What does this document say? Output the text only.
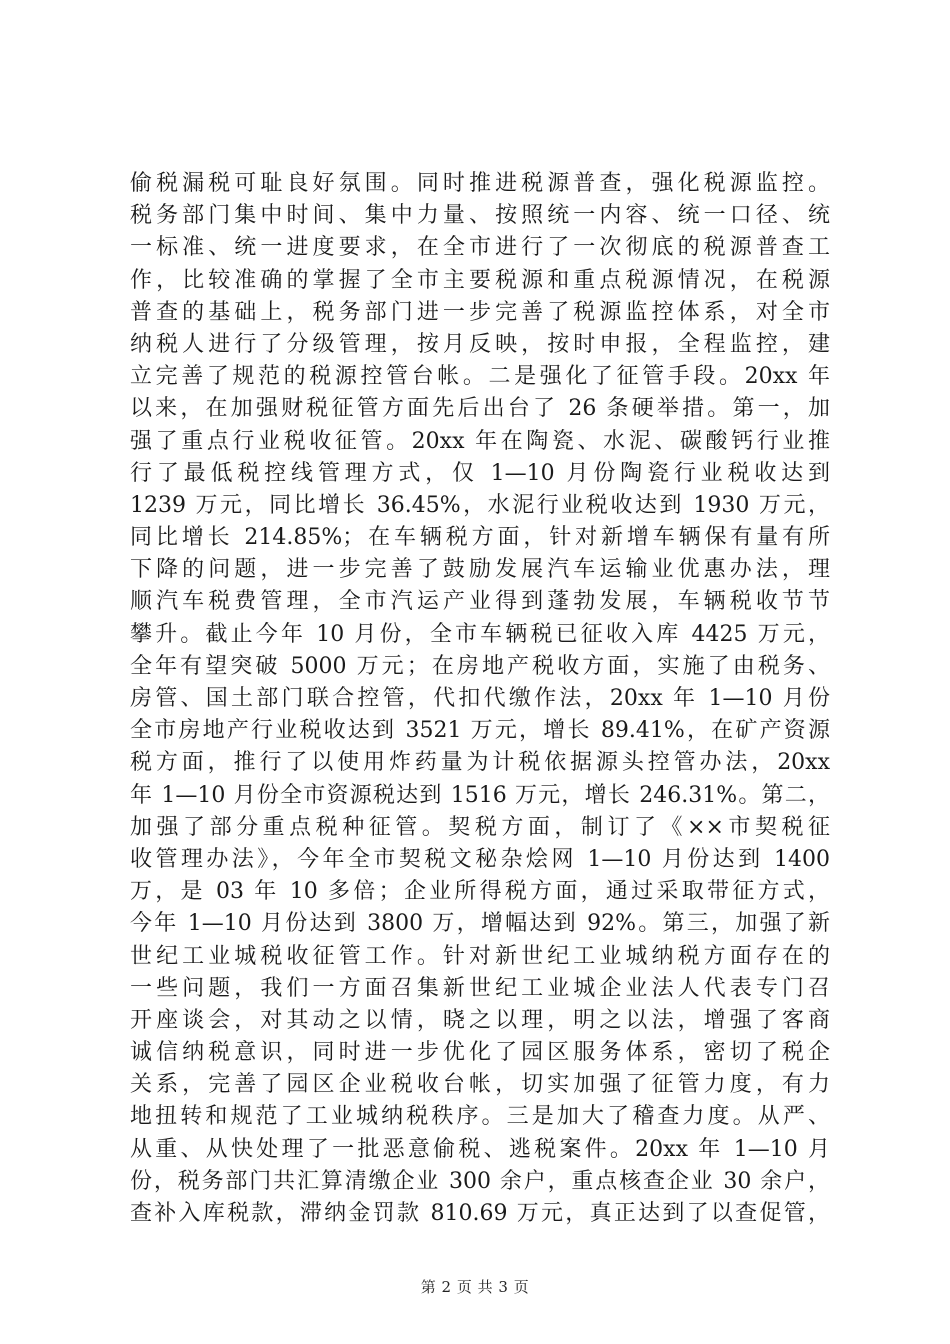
偷税漏税可耻良好氛围。同时推进税源普查，强化税源监控。
税务部门集中时间、集中力量、按照统一内容、统一口径、统
一标准、统一进度要求，在全市进行了一次彻底的税源普查工
作，比较准确的掌握了全市主要税源和重点税源情况，在税源
普查的基础上，税务部门进一步完善了税源监控体系，对全市
纳税人进行了分级管理，按月反映，按时申报，全程监控，建
立完善了规范的税源控管台帐。二是强化了征管手段。20xx 年
以来，在加强财税征管方面先后出台了 26 条硬举措。第一，加
强了重点行业税收征管。20xx 年在陶瓷、水泥、碳酸钙行业推
行了最低税控线管理方式，仅 1—10 月份陶瓷行业税收达到
1239 万元，同比增长 36.45%，水泥行业税收达到 1930 万元，
同比增长 214.85%；在车辆税方面，针对新增车辆保有量有所
下降的问题，进一步完善了鼓励发展汽车运输业优惠办法，理
顺汽车税费管理，全市汽运产业得到蓬勃发展，车辆税收节节
攀升。截止今年 10 月份，全市车辆税已征收入库 4425 万元，
全年有望突破 5000 万元；在房地产税收方面，实施了由税务、
房管、国土部门联合控管，代扣代缴作法，20xx 年 1—10 月份
全市房地产行业税收达到 3521 万元，增长 89.41%，在矿产资源
税方面，推行了以使用炸药量为计税依据源头控管办法，20xx
年 1—10 月份全市资源税达到 1516 万元，增长 246.31%。第二，
加强了部分重点税种征管。契税方面，制订了《××市契税征
收管理办法》，今年全市契税文秘杂烩网 1—10 月份达到 1400
万，是 03 年 10 多倍；企业所得税方面，通过采取带征方式，
今年 1—10 月份达到 3800 万，增幅达到 92%。第三，加强了新
世纪工业城税收征管工作。针对新世纪工业城纳税方面存在的
一些问题，我们一方面召集新世纪工业城企业法人代表专门召
开座谈会，对其动之以情，晓之以理，明之以法，增强了客商
诚信纳税意识，同时进一步优化了园区服务体系，密切了税企
关系，完善了园区企业税收台帐，切实加强了征管力度，有力
地扭转和规范了工业城纳税秩序。三是加大了稽查力度。从严、
从重、从快处理了一批恶意偷税、逃税案件。20xx 年 1—10 月
份，税务部门共汇算清缴企业 300 余户，重点核查企业 30 余户，
查补入库税款，滞纳金罚款 810.69 万元，真正达到了以查促管，
第 2 页 共 3 页
